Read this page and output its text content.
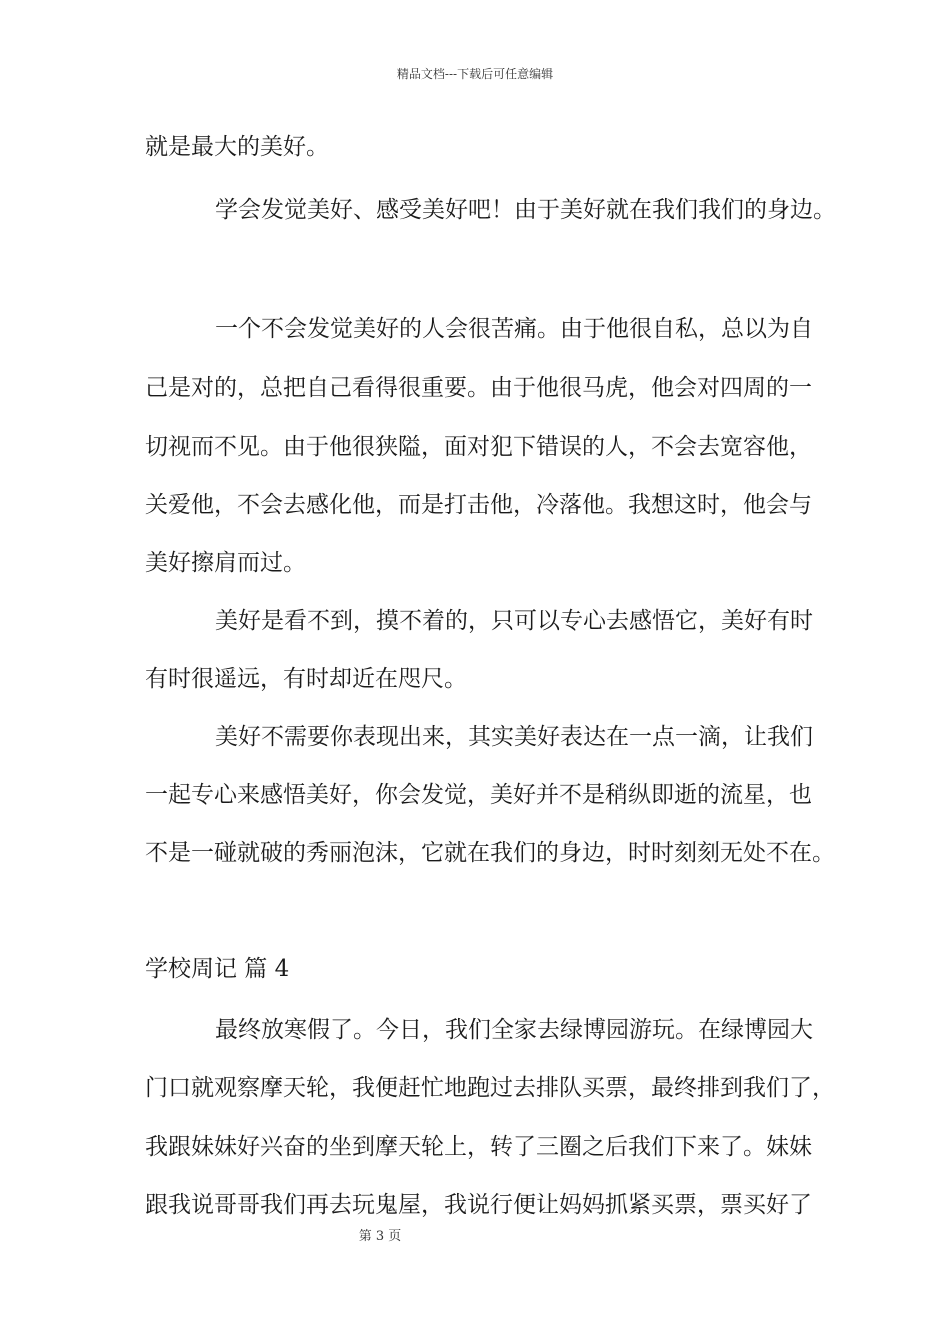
精品文档---下载后可任意编辑

就是最大的美好。

学会发觉美好、感受美好吧！由于美好就在我们我们的身边。

一个不会发觉美好的人会很苦痛。由于他很自私，总以为自

己是对的，总把自己看得很重要。由于他很马虎，他会对四周的一

切视而不见。由于他很狭隘，面对犯下错误的人，不会去宽容他，

关爱他，不会去感化他，而是打击他，冷落他。我想这时，他会与

美好擦肩而过。

美好是看不到，摸不着的，只可以专心去感悟它，美好有时

有时很遥远，有时却近在咫尺。

美好不需要你表现出来，其实美好表达在一点一滴，让我们

一起专心来感悟美好，你会发觉，美好并不是稍纵即逝的流星，也

不是一碰就破的秀丽泡沫，它就在我们的身边，时时刻刻无处不在。

学校周记 篇 4

最终放寒假了。今日，我们全家去绿博园游玩。在绿博园大

门口就观察摩天轮，我便赶忙地跑过去排队买票，最终排到我们了，

我跟妹妹好兴奋的坐到摩天轮上，转了三圈之后我们下来了。妹妹

跟我说哥哥我们再去玩鬼屋，我说行便让妈妈抓紧买票，票买好了

第 3 页
